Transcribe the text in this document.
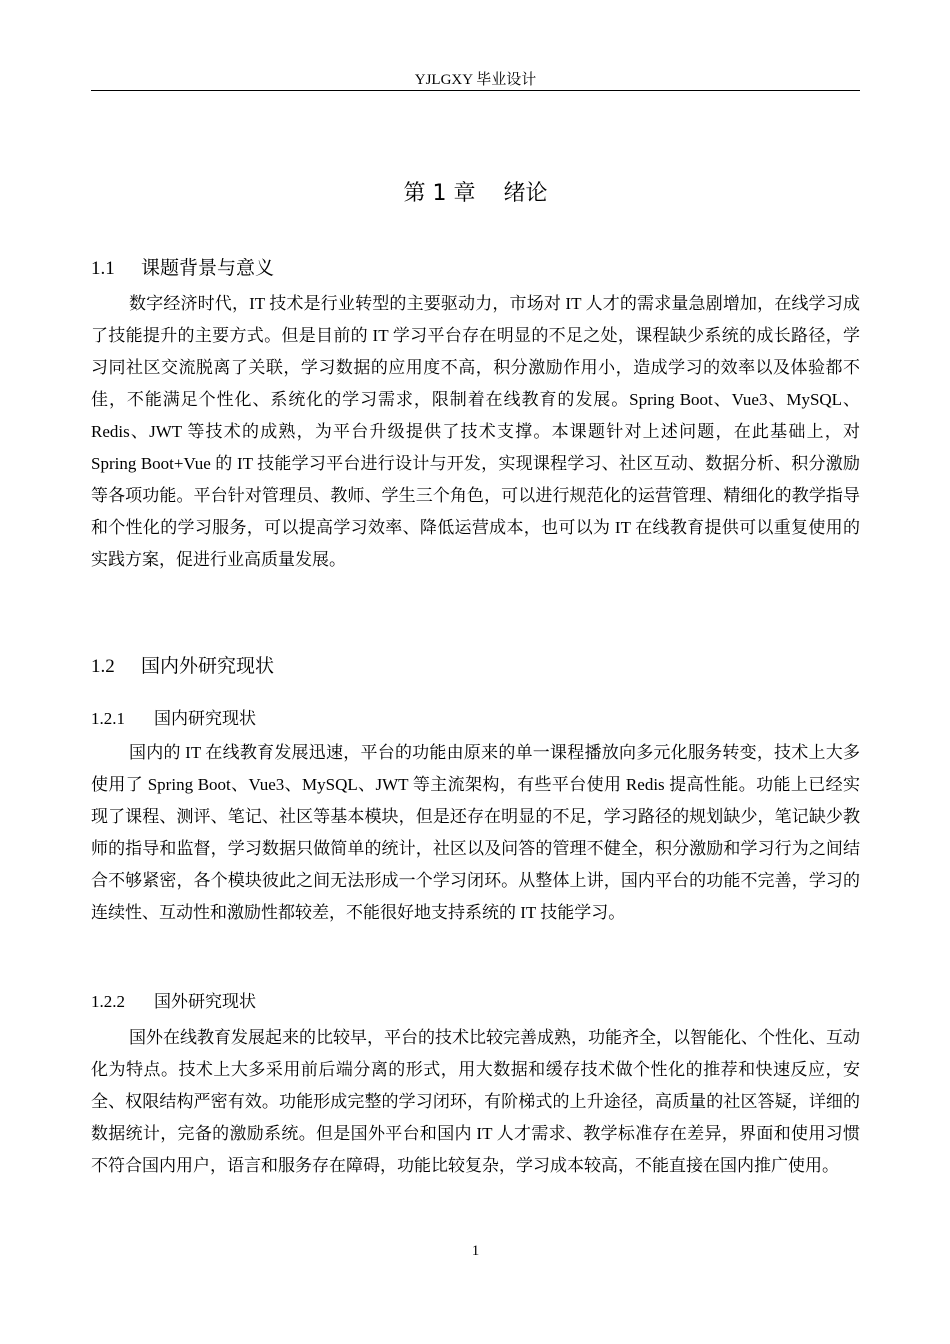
YJLGXY 毕业设计
第 1 章    绪论
1.1 课题背景与意义

数字经济时代，IT 技术是行业转型的主要驱动力，市场对 IT 人才的需求量急剧增加，在线学习成了技能提升的主要方式。但是目前的 IT 学习平台存在明显的不足之处，课程缺少系统的成长路径，学习同社区交流脱离了关联，学习数据的应用度不高，积分激励作用小，造成学习的效率以及体验都不佳，不能满足个性化、系统化的学习需求，限制着在线教育的发展。Spring Boot、Vue3、MySQL、Redis、JWT 等技术的成熟，为平台升级提供了技术支撑。本课题针对上述问题，在此基础上，对 Spring Boot+Vue 的 IT 技能学习平台进行设计与开发，实现课程学习、社区互动、数据分析、积分激励等各项功能。平台针对管理员、教师、学生三个角色，可以进行规范化的运营管理、精细化的教学指导和个性化的学习服务，可以提高学习效率、降低运营成本，也可以为 IT 在线教育提供可以重复使用的实践方案，促进行业高质量发展。

1.2 国内外研究现状
1.2.1 国内研究现状

国内的 IT 在线教育发展迅速，平台的功能由原来的单一课程播放向多元化服务转变，技术上大多使用了 Spring Boot、Vue3、MySQL、JWT 等主流架构，有些平台使用 Redis 提高性能。功能上已经实现了课程、测评、笔记、社区等基本模块，但是还存在明显的不足，学习路径的规划缺少，笔记缺少教师的指导和监督，学习数据只做简单的统计，社区以及问答的管理不健全，积分激励和学习行为之间结合不够紧密，各个模块彼此之间无法形成一个学习闭环。从整体上讲，国内平台的功能不完善，学习的连续性、互动性和激励性都较差，不能很好地支持系统的 IT 技能学习。

1.2.2 国外研究现状

国外在线教育发展起来的比较早，平台的技术比较完善成熟，功能齐全，以智能化、个性化、互动化为特点。技术上大多采用前后端分离的形式，用大数据和缓存技术做个性化的推荐和快速反应，安全、权限结构严密有效。功能形成完整的学习闭环，有阶梯式的上升途径，高质量的社区答疑，详细的数据统计，完备的激励系统。但是国外平台和国内 IT 人才需求、教学标准存在差异，界面和使用习惯不符合国内用户，语言和服务存在障碍，功能比较复杂，学习成本较高，不能直接在国内推广使用。

1
